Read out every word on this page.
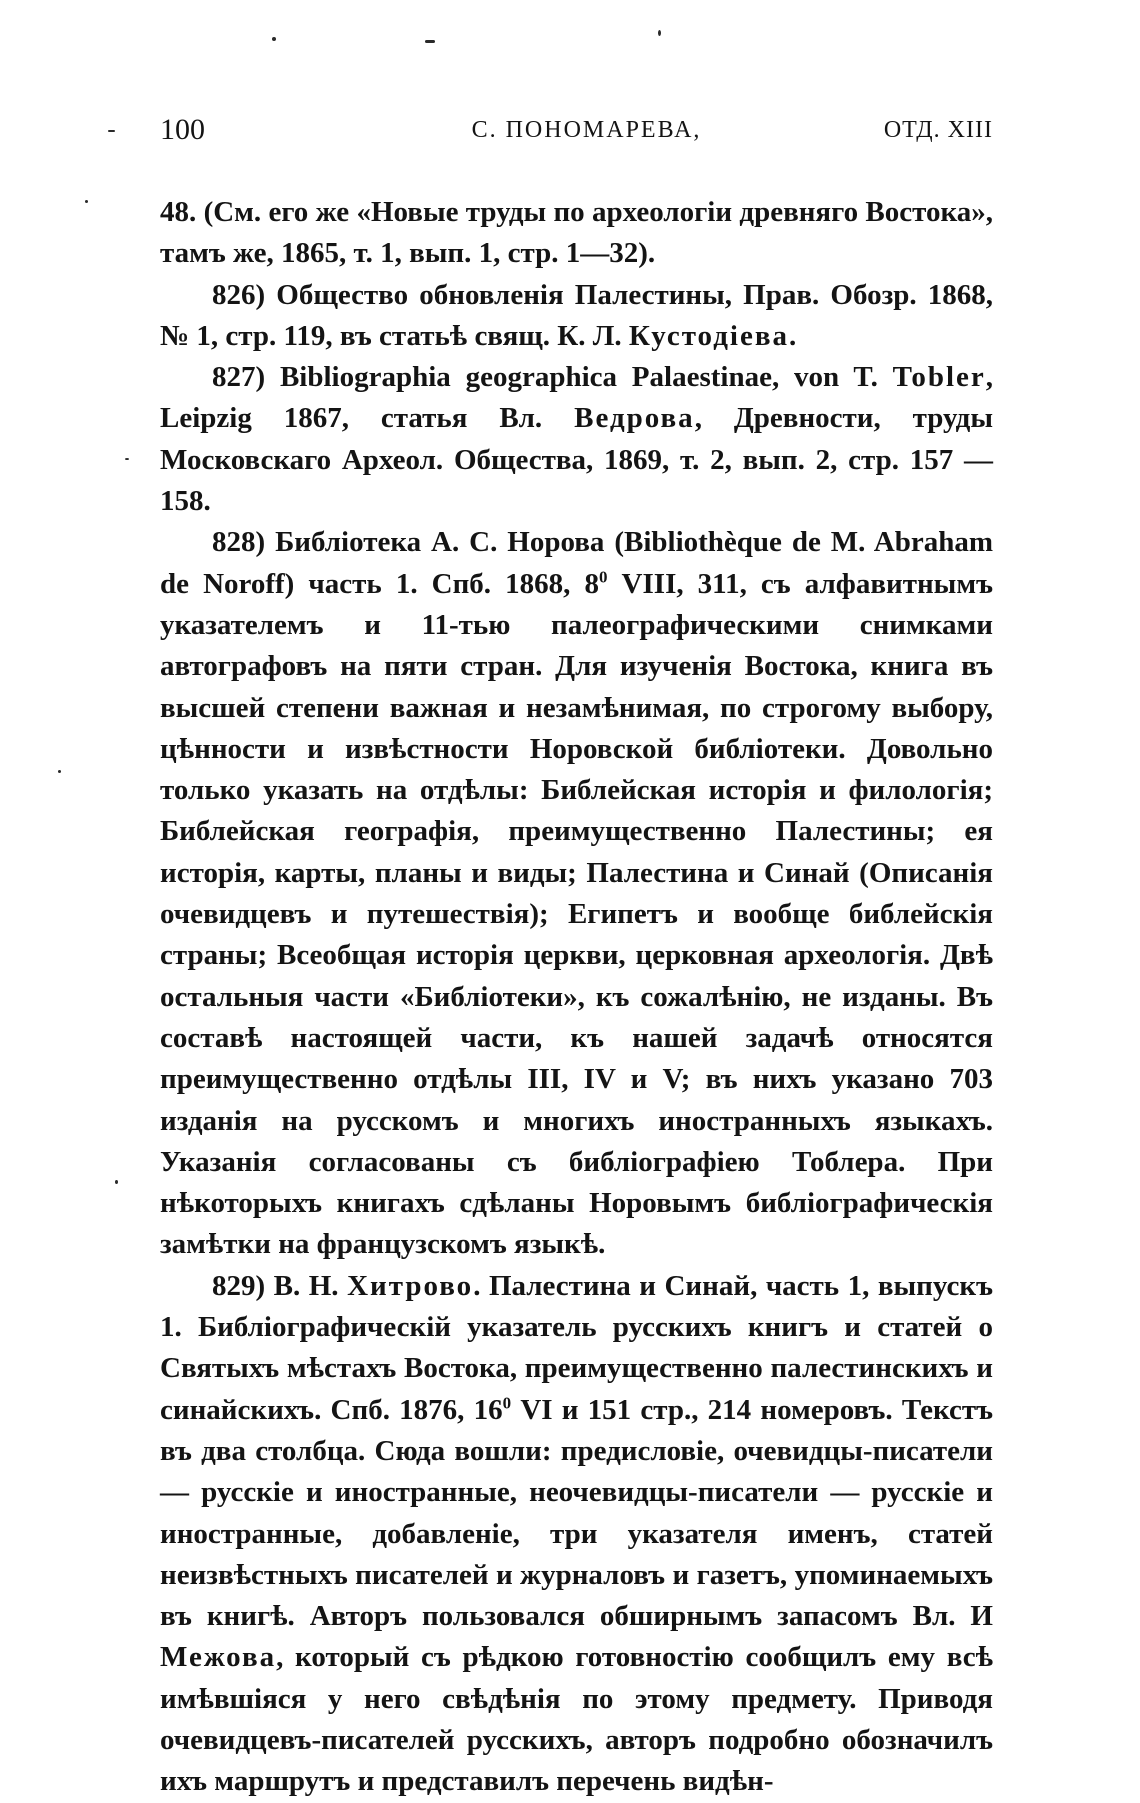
100	С. ПОНОМАРЕВА,	ОТД. XIII

48. (См. его же «Новые труды по археологіи древняго Востока», тамъ же, 1865, т. 1, вып. 1, стр. 1—32).

826) Общество обновленія Палестины, Прав. Обозр. 1868, № 1, стр. 119, въ статьѣ свящ. К. Л. Кустодіева.

827) Bibliographia geographica Palaestinae, von T. Tobler, Leipzig 1867, статья Вл. Ведрова, Древности, труды Московскаго Археол. Общества, 1869, т. 2, вып. 2, стр. 157 — 158.

828) Библіотека А. С. Норова (Bibliothèque de M. Abraham de Noroff) часть 1. Спб. 1868, $8^0$ VIII, 311, съ алфавитнымъ указателемъ и 11-тью палеографическими снимками автографовъ на пяти стран. Для изученія Востока, книга въ высшей степени важная и незамѣнимая, по строгому выбору, цѣнности и извѣстности Норовской библіотеки. Довольно только указать на отдѣлы: Библейская исторія и филологія; Библейская географія, преимущественно Палестины; ея исторія, карты, планы и виды; Палестина и Синай (Описанія очевидцевъ и путешествія); Египетъ и вообще библейскія страны; Всеобщая исторія церкви, церковная археологія. Двѣ остальныя части «Библіотеки», къ сожалѣнію, не изданы. Въ составѣ настоящей части, къ нашей задачѣ относятся преимущественно отдѣлы III, IV и V; въ нихъ указано 703 изданія на русскомъ и многихъ иностранныхъ языкахъ. Указанія согласованы съ библіографіею Тоблера. При нѣкоторыхъ книгахъ сдѣланы Норовымъ библіографическія замѣтки на французскомъ языкѣ.

829) В. Н. Хитрово. Палестина и Синай, часть 1, выпускъ 1. Библіографическій указатель русскихъ книгъ и статей о Святыхъ мѣстахъ Востока, преимущественно палестинскихъ и синайскихъ. Спб. 1876, $16^0$ VI и 151 стр., 214 номеровъ. Текстъ въ два столбца. Сюда вошли: предисловіе, очевидцы-писатели — русскіе и иностранные, неочевидцы-писатели — русскіе и иностранные, добавленіе, три указателя именъ, статей неизвѣстныхъ писателей и журналовъ и газетъ, упоминаемыхъ въ книгѣ. Авторъ пользовался обширнымъ запасомъ Вл. И Межова, который съ рѣдкою готовностію сообщилъ ему всѣ имѣвшіяся у него свѣдѣнія по этому предмету. Приводя очевидцевъ-писателей русскихъ, авторъ подробно обозначилъ ихъ маршрутъ и представилъ перечень видѣн-
